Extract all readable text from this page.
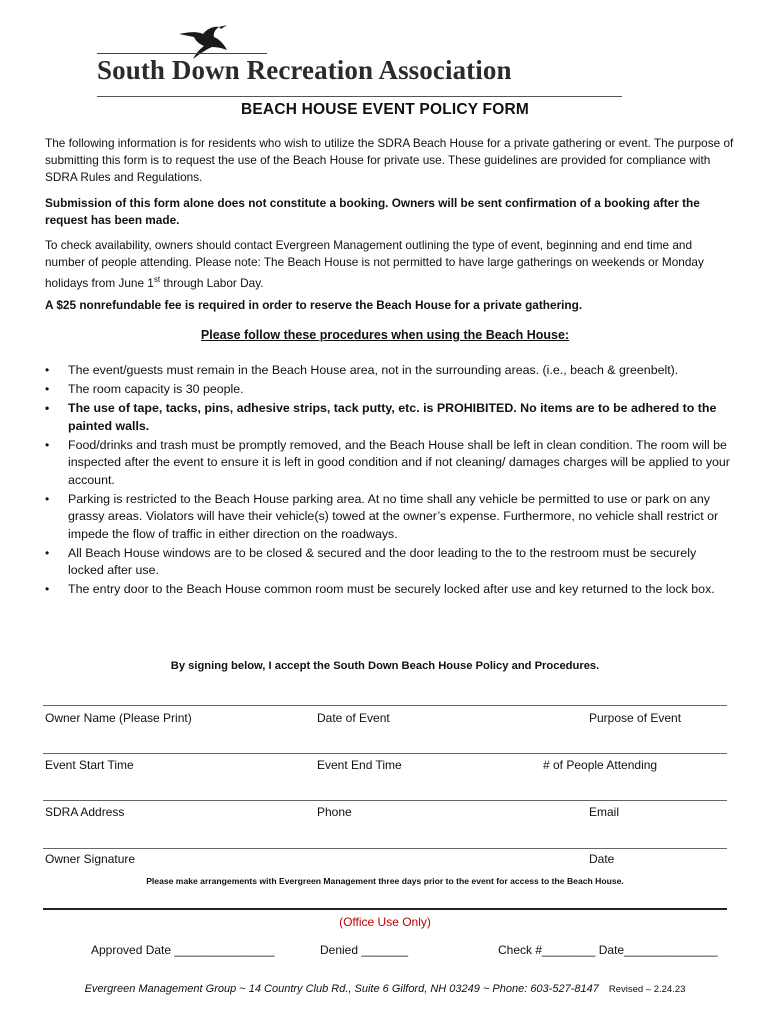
South Down Recreation Association
BEACH HOUSE EVENT POLICY FORM
The following information is for residents who wish to utilize the SDRA Beach House for a private gathering or event. The purpose of submitting this form is to request the use of the Beach House for private use. These guidelines are provided for compliance with SDRA Rules and Regulations.
Submission of this form alone does not constitute a booking. Owners will be sent confirmation of a booking after the request has been made.
To check availability, owners should contact Evergreen Management outlining the type of event, beginning and end time and number of people attending. Please note: The Beach House is not permitted to have large gatherings on weekends or Monday holidays from June 1st through Labor Day.
A $25 nonrefundable fee is required in order to reserve the Beach House for a private gathering.
Please follow these procedures when using the Beach House:
• The event/guests must remain in the Beach House area, not in the surrounding areas. (i.e., beach & greenbelt).
• The room capacity is 30 people.
• The use of tape, tacks, pins, adhesive strips, tack putty, etc. is PROHIBITED. No items are to be adhered to the painted walls.
• Food/drinks and trash must be promptly removed, and the Beach House shall be left in clean condition. The room will be inspected after the event to ensure it is left in good condition and if not cleaning/ damages charges will be applied to your account.
• Parking is restricted to the Beach House parking area. At no time shall any vehicle be permitted to use or park on any grassy areas. Violators will have their vehicle(s) towed at the owner’s expense. Furthermore, no vehicle shall restrict or impede the flow of traffic in either direction on the roadways.
• All Beach House windows are to be closed & secured and the door leading to the to the restroom must be securely locked after use.
• The entry door to the Beach House common room must be securely locked after use and key returned to the lock box.
By signing below, I accept the South Down Beach House Policy and Procedures.
Owner Name (Please Print)	Date of Event	Purpose of Event
Event Start Time	Event End Time	# of People Attending
SDRA Address	Phone	Email
Owner Signature	Date
Please make arrangements with Evergreen Management three days prior to the event for access to the Beach House.
(Office Use Only)
Approved Date _______________	Denied _______	Check #________ Date______________
Evergreen Management Group ~ 14 Country Club Rd., Suite 6 Gilford, NH 03249 ~ Phone: 603-527-8147 Revised – 2.24.23
